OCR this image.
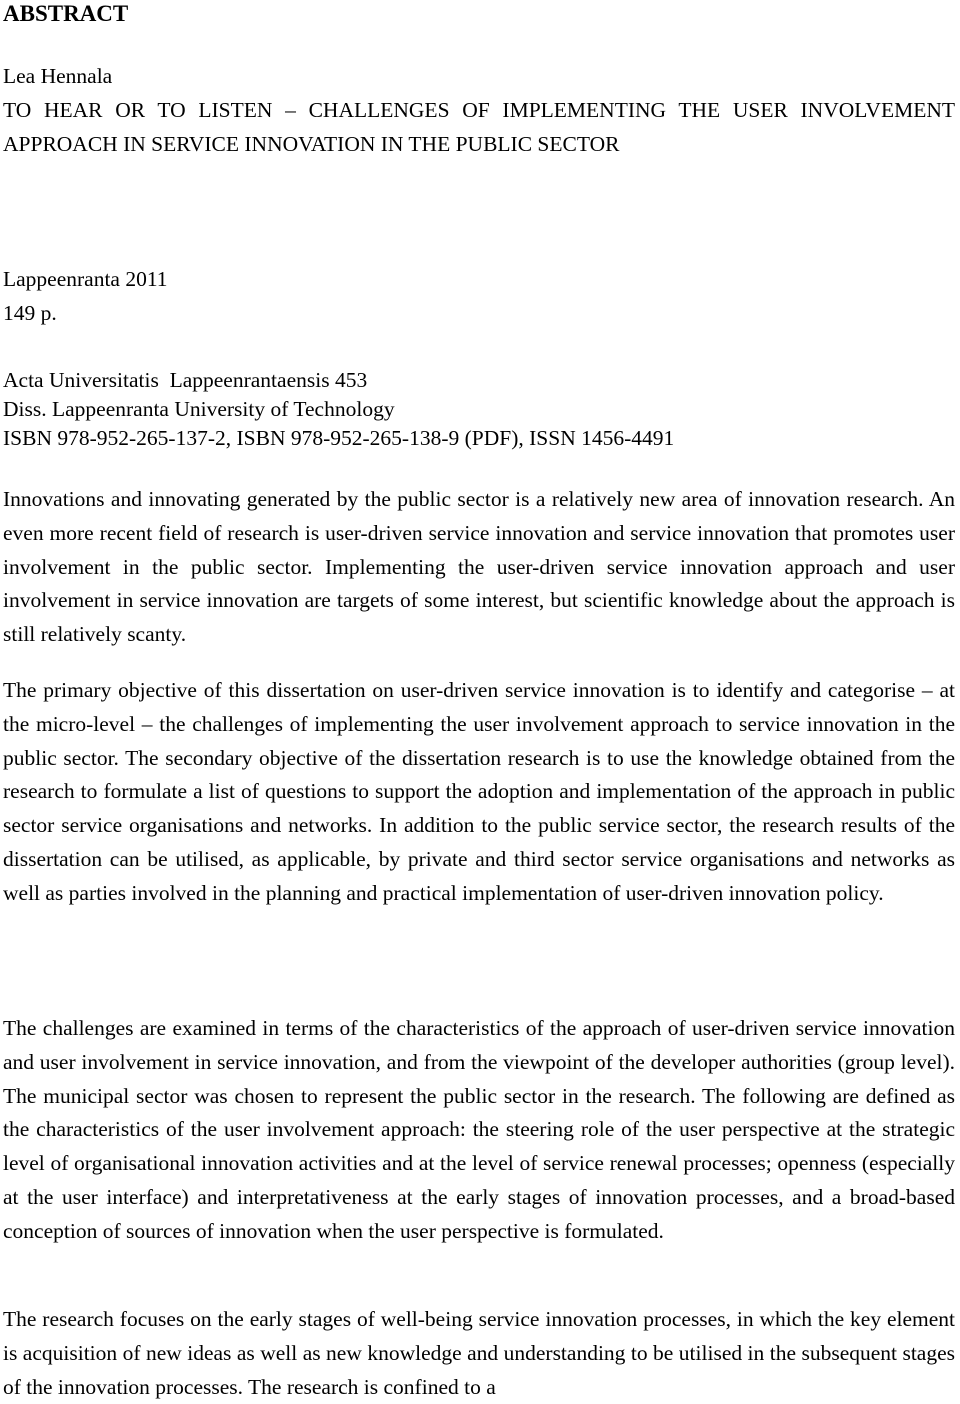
ABSTRACT

Lea Hennala

TO HEAR OR TO LISTEN – CHALLENGES OF IMPLEMENTING THE USER INVOLVEMENT APPROACH IN SERVICE INNOVATION IN THE PUBLIC SECTOR

Lappeenranta 2011

149 p.

Acta Universitatis  Lappeenrantaensis 453

Diss. Lappeenranta University of Technology

ISBN 978-952-265-137-2, ISBN 978-952-265-138-9 (PDF), ISSN 1456-4491

Innovations and innovating generated by the public sector is a relatively new area of innovation research. An even more recent field of research is user-driven service innovation and service innovation that promotes user involvement in the public sector. Implementing the user-driven service innovation approach and user involvement in service innovation are targets of some interest, but scientific knowledge about the approach is still relatively scanty.

The primary objective of this dissertation on user-driven service innovation is to identify and categorise – at the micro-level – the challenges of implementing the user involvement approach to service innovation in the public sector. The secondary objective of the dissertation research is to use the knowledge obtained from the research to formulate a list of questions to support the adoption and implementation of the approach in public sector service organisations and networks. In addition to the public service sector, the research results of the dissertation can be utilised, as applicable, by private and third sector service organisations and networks as well as parties involved in the planning and practical implementation of user-driven innovation policy.

The challenges are examined in terms of the characteristics of the approach of user-driven service innovation and user involvement in service innovation, and from the viewpoint of the developer authorities (group level). The municipal sector was chosen to represent the public sector in the research. The following are defined as the characteristics of the user involvement approach: the steering role of the user perspective at the strategic level of organisational innovation activities and at the level of service renewal processes; openness (especially at the user interface) and interpretativeness at the early stages of innovation processes, and a broad-based conception of sources of innovation when the user perspective is formulated.

The research focuses on the early stages of well-being service innovation processes, in which the key element is acquisition of new ideas as well as new knowledge and understanding to be utilised in the subsequent stages of the innovation processes. The research is confined to a
